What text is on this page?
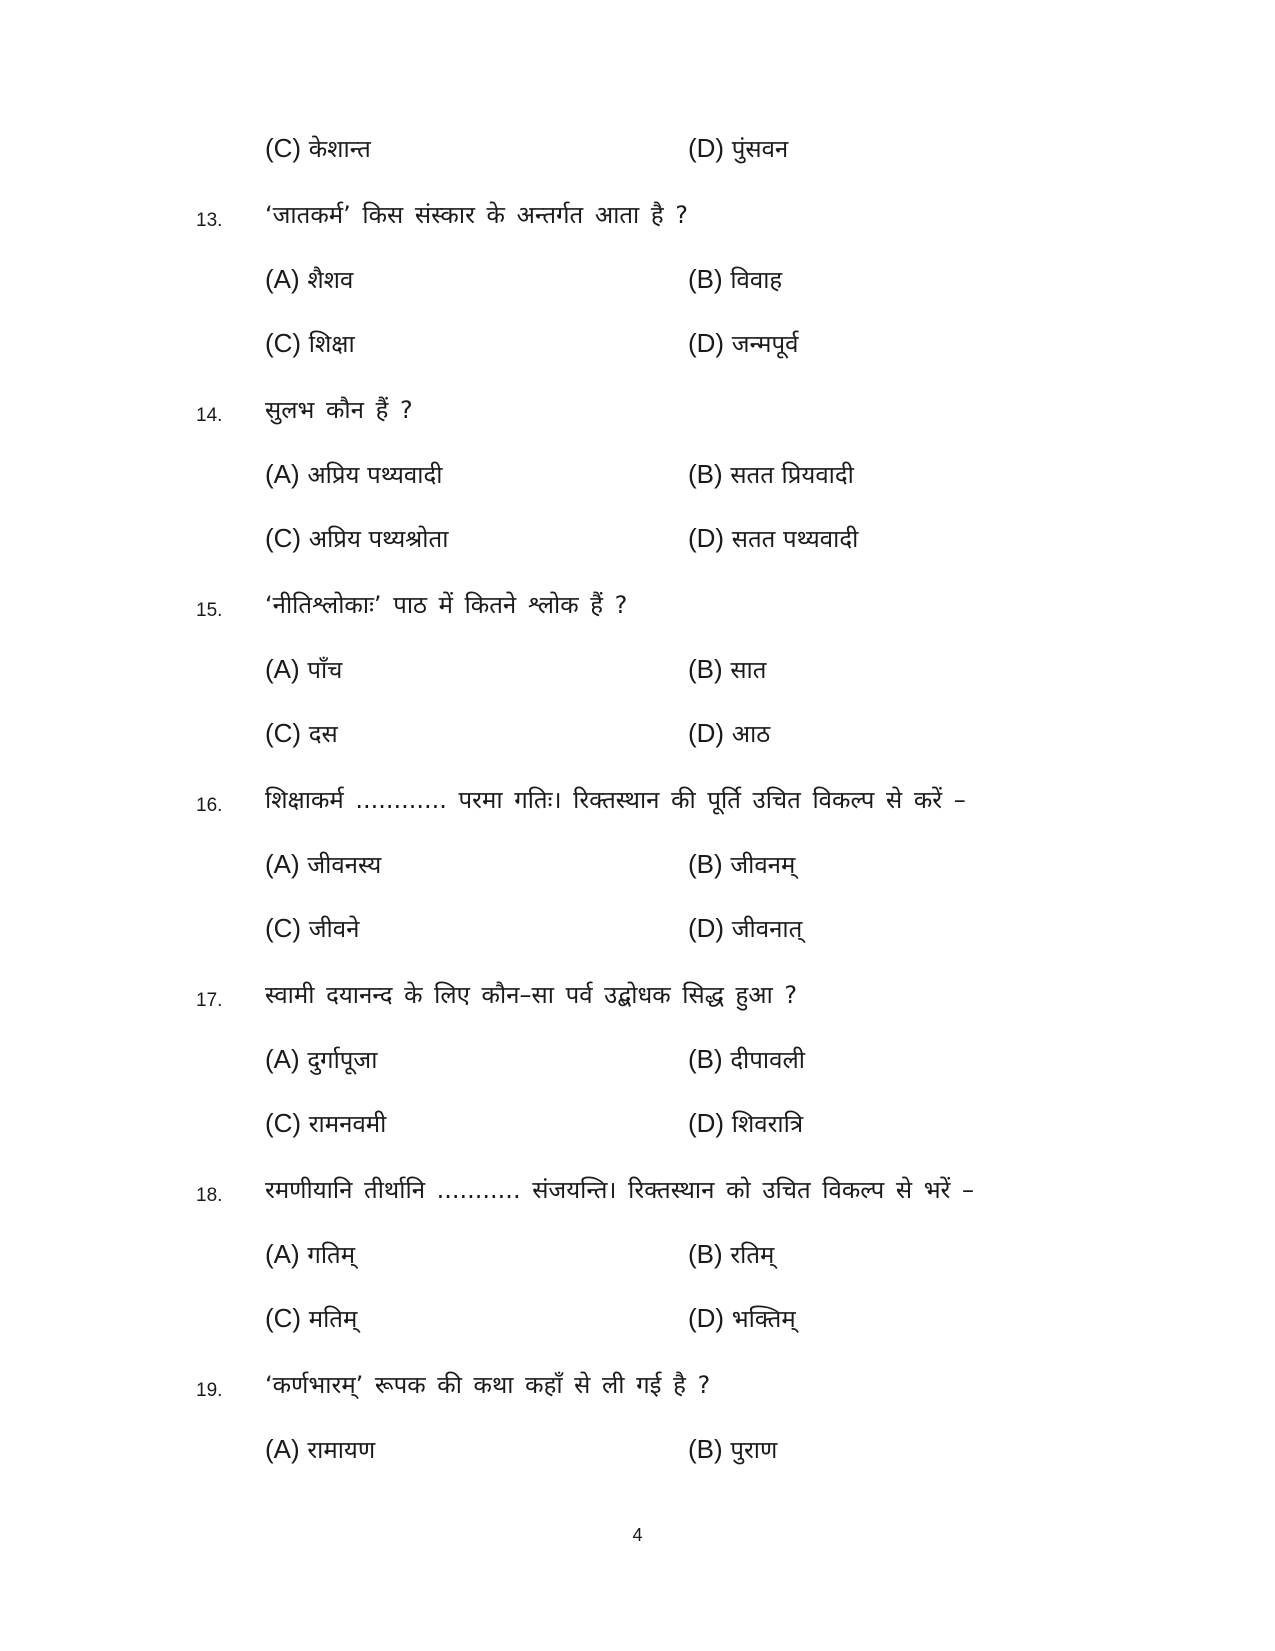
(C) केशान्त	(D) पुंसवन
13. ‘जातकर्म’ किस संस्कार के अन्तर्गत आता है ?
(A) शैशव	(B) विवाह
(C) शिक्षा	(D) जन्मपूर्व
14. सुलभ कौन हैं ?
(A) अप्रिय पथ्यवादी	(B) सतत प्रियवादी
(C) अप्रिय पथ्यश्रोता	(D) सतत पथ्यवादी
15. ‘नीतिश्लोकाः’ पाठ में कितने श्लोक हैं ?
(A) पाँच	(B) सात
(C) दस	(D) आठ
16. शिक्षाकर्म ............ परमा गतिः। रिक्तस्थान की पूर्ति उचित विकल्प से करें –
(A) जीवनस्य	(B) जीवनम्
(C) जीवने	(D) जीवनात्
17. स्वामी दयानन्द के लिए कौन–सा पर्व उद्बोधक सिद्ध हुआ ?
(A) दुर्गापूजा	(B) दीपावली
(C) रामनवमी	(D) शिवरात्रि
18. रमणीयानि तीर्थानि ........... संजयन्ति। रिक्तस्थान को उचित विकल्प से भरें –
(A) गतिम्	(B) रतिम्
(C) मतिम्	(D) भक्तिम्
19. ‘कर्णभारम्’ रूपक की कथा कहाँ से ली गई है ?
(A) रामायण	(B) पुराण
4
